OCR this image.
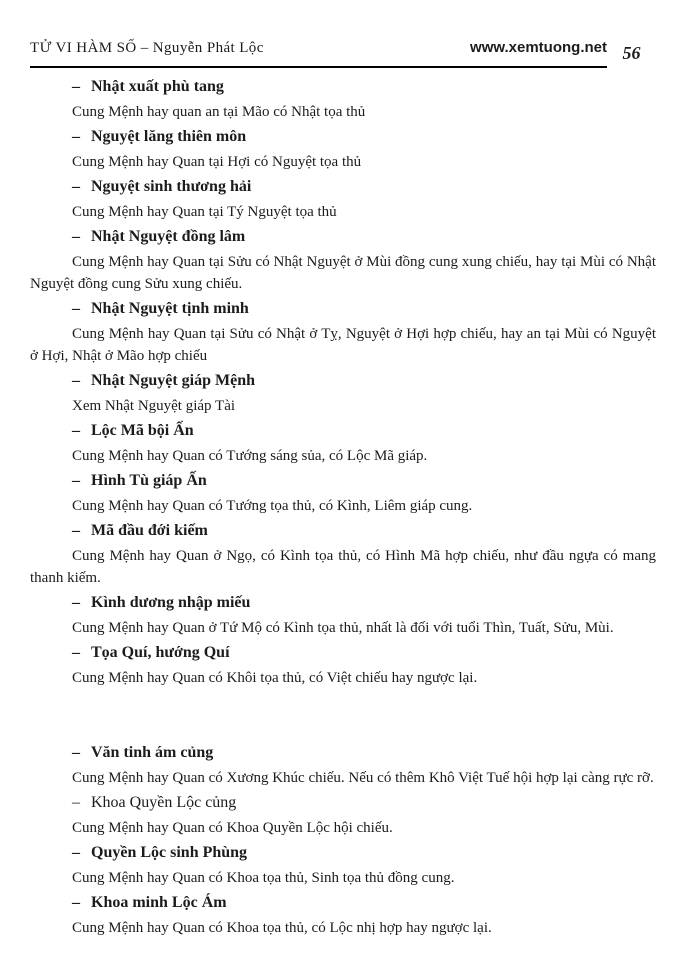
TỬ VI HÀM SỐ – Nguyễn Phát Lộc	www.xemtuong.net 56

– Nhật xuất phù tang

Cung Mệnh hay quan an tại Mão có Nhật tọa thủ

– Nguyệt lăng thiên môn

Cung Mệnh hay Quan tại Hợi có Nguyệt tọa thủ

– Nguyệt sinh thương hải

Cung Mệnh hay Quan tại Tý Nguyệt tọa thủ

– Nhật Nguyệt đồng lâm

Cung Mệnh hay Quan tại Sửu có Nhật Nguyệt ở Mùi đồng cung xung chiếu, hay tại Mùi có Nhật Nguyệt đồng cung Sửu xung chiếu.

– Nhật Nguyệt tịnh minh

Cung Mệnh hay Quan tại Sửu có Nhật ở Tỵ, Nguyệt ở Hợi hợp chiếu, hay an tại Mùi có Nguyệt ở Hợi, Nhật ở Mão hợp chiếu

– Nhật Nguyệt giáp Mệnh

Xem Nhật Nguyệt giáp Tài

– Lộc Mã bội Ấn

Cung Mệnh hay Quan có Tướng sáng sủa, có Lộc Mã giáp.

– Hình Tù giáp Ấn

Cung Mệnh hay Quan có Tướng tọa thủ, có Kình, Liêm giáp cung.

– Mã đầu đới kiếm

Cung Mệnh hay Quan ở Ngọ, có Kình tọa thủ, có Hình Mã hợp chiếu, như đầu ngựa có mang thanh kiếm.

– Kình dương nhập miếu

Cung Mệnh hay Quan ở Tứ Mộ có Kình tọa thủ, nhất là đối với tuổi Thìn, Tuất, Sửu, Mùi.

– Tọa Quí, hướng Quí

Cung Mệnh hay Quan có Khôi tọa thủ, có Việt chiếu hay ngược lại.

– Văn tinh ám củng

Cung Mệnh hay Quan có Xương Khúc chiếu. Nếu có thêm Khô Việt Tuế hội hợp lại càng rực rỡ.

– Khoa Quyền Lộc củng

Cung Mệnh hay Quan có Khoa Quyền Lộc hội chiếu.

– Quyền Lộc sinh Phùng

Cung Mệnh hay Quan có Khoa tọa thủ, Sinh tọa thủ đồng cung.

– Khoa minh Lộc Ám

Cung Mệnh hay Quan có Khoa tọa thủ, có Lộc nhị hợp hay ngược lại.
